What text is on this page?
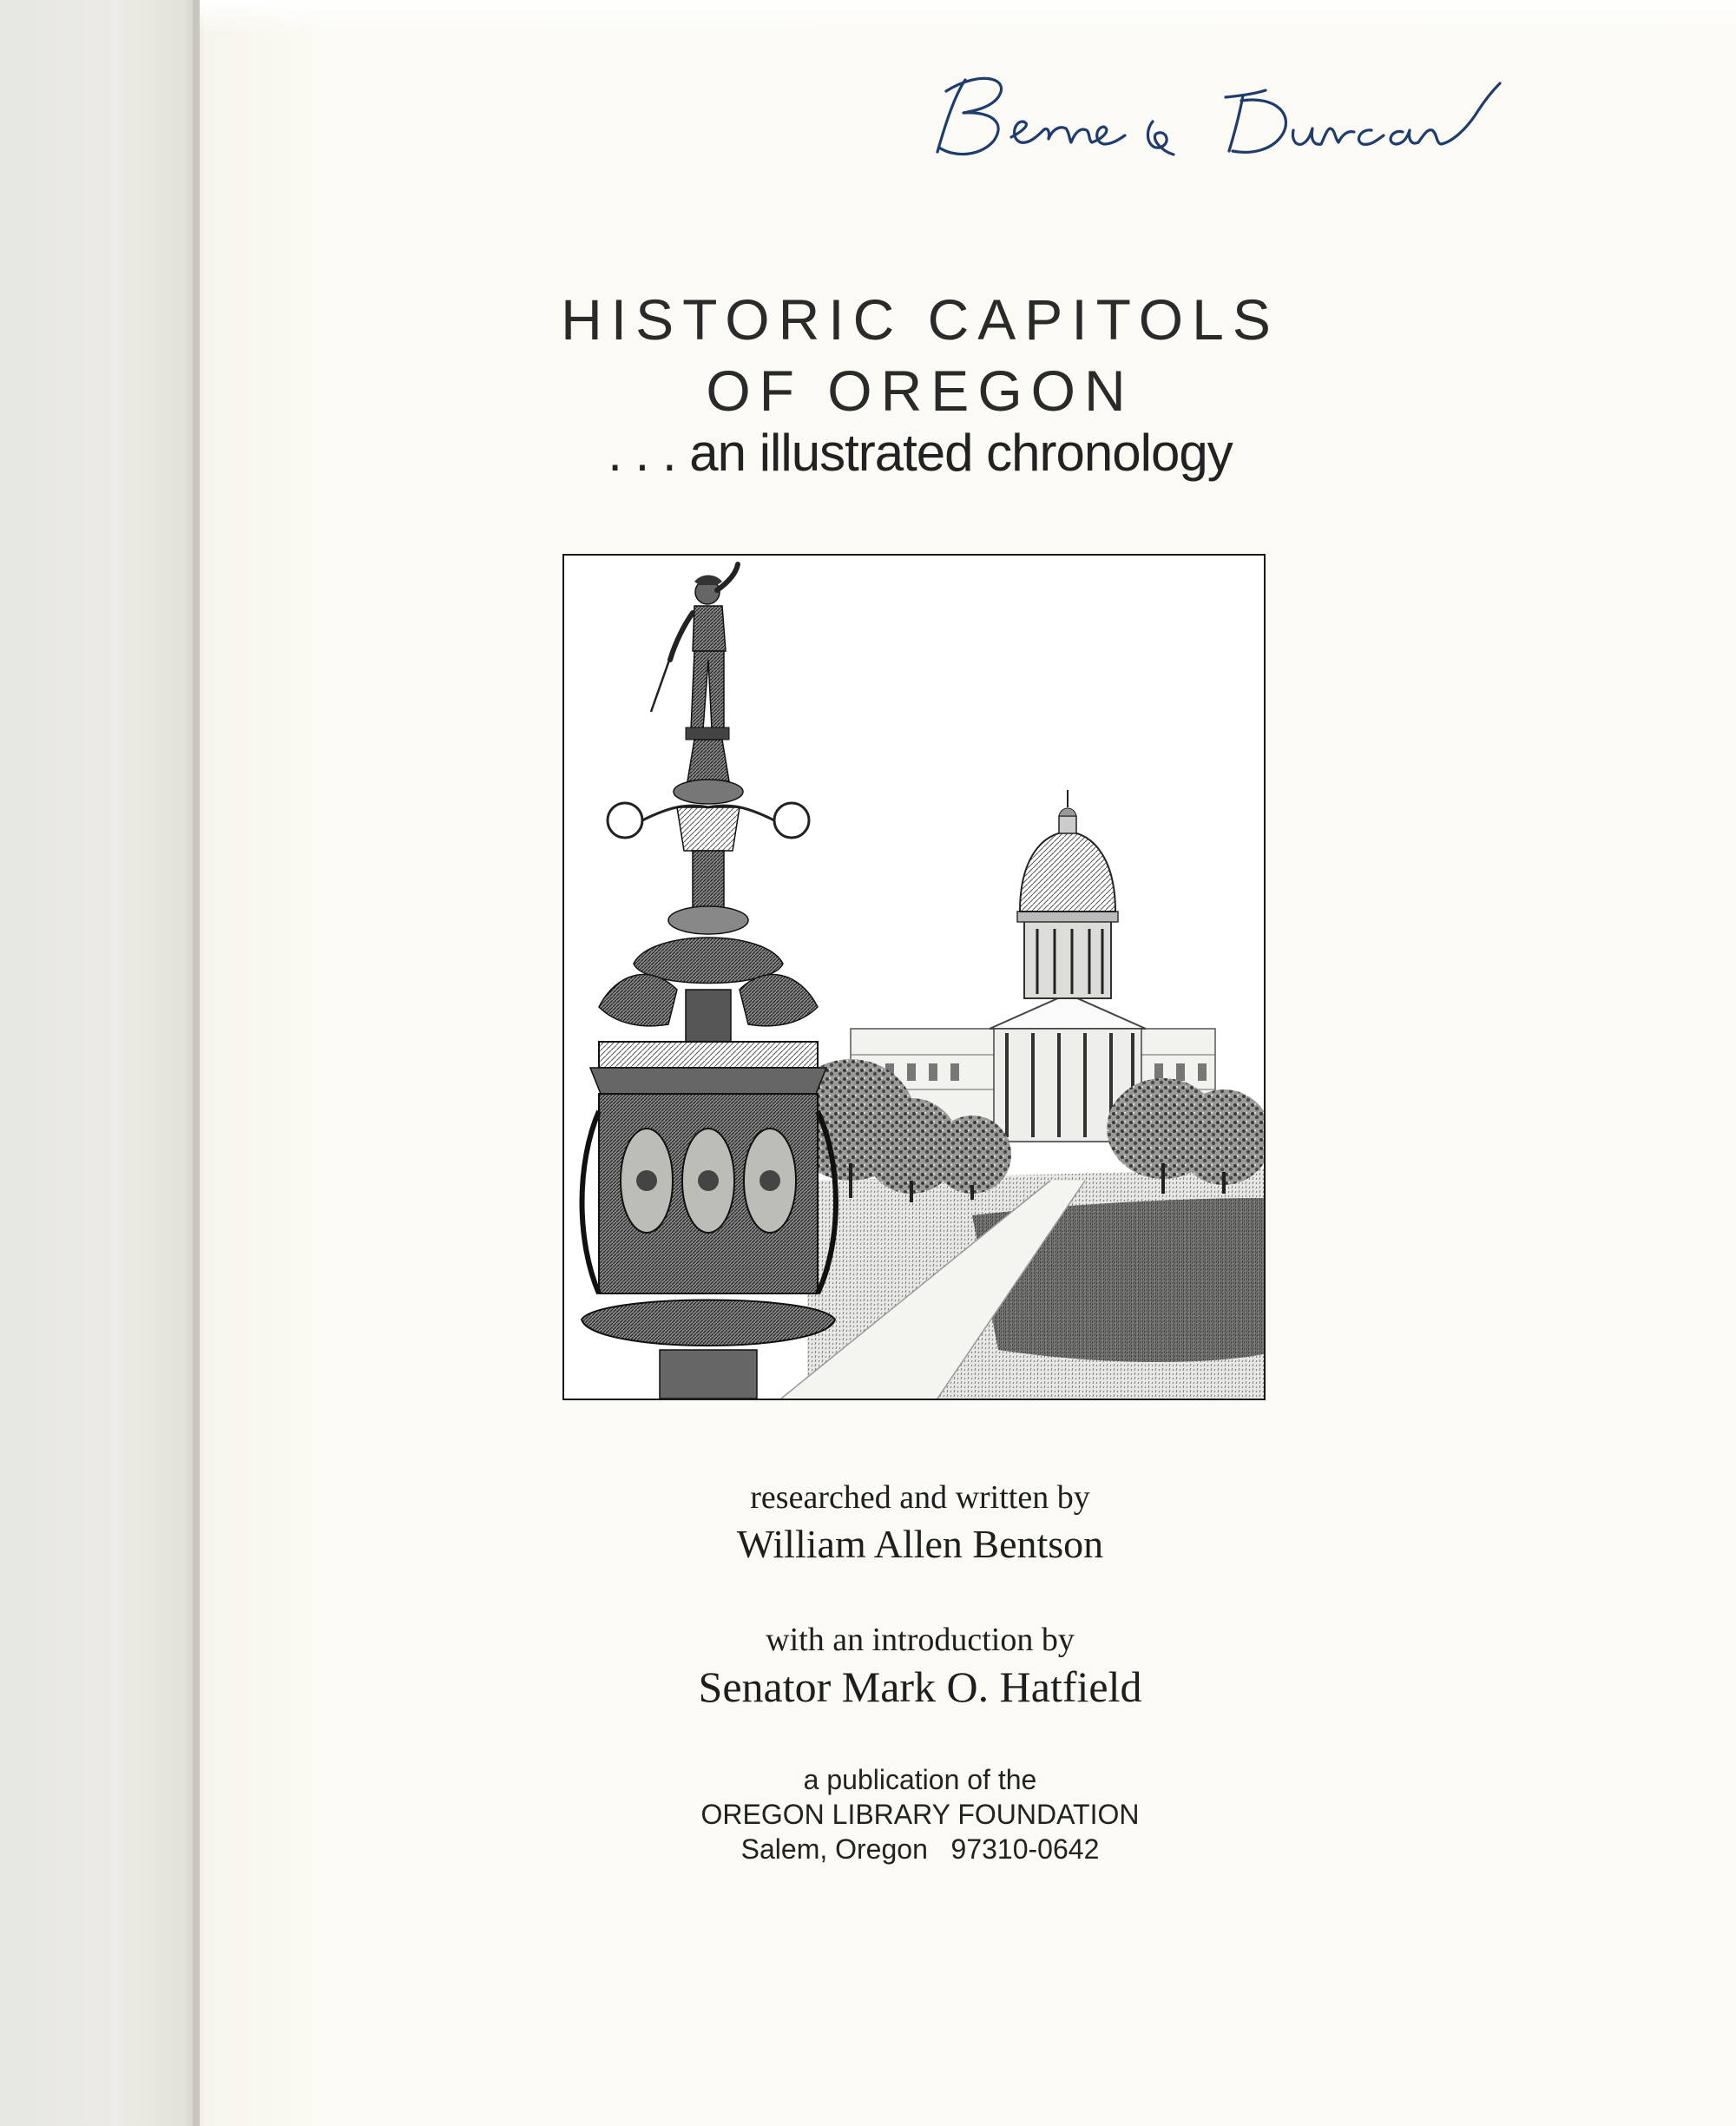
HISTORIC CAPITOLS
OF OREGON
. . . an illustrated chronology
researched and written by
William Allen Bentson
with an introduction by
Senator Mark O. Hatfield
a publication of the
OREGON LIBRARY FOUNDATION
Salem, Oregon   97310-0642
